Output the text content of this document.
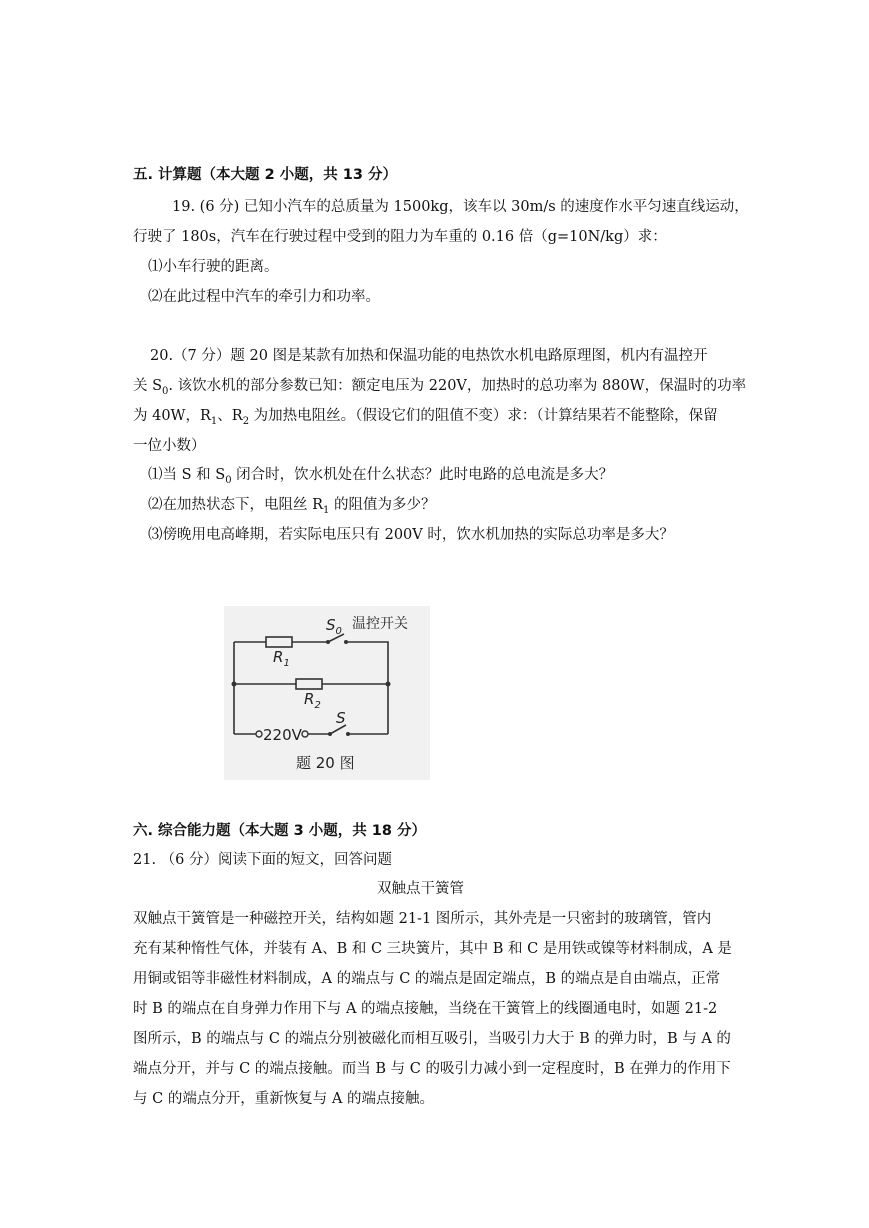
五. 计算题（本大题 2 小题，共 13 分）
19. (6 分) 已知小汽车的总质量为 1500kg，该车以 30m/s 的速度作水平匀速直线运动，
行驶了 180s，汽车在行驶过程中受到的阻力为车重的 0.16 倍（g=10N/kg）求：
⑴小车行驶的距离。
⑵在此过程中汽车的牵引力和功率。
20.（7 分）题 20 图是某款有加热和保温功能的电热饮水机电路原理图，机内有温控开
关 $S_0$. 该饮水机的部分参数已知：额定电压为 220V，加热时的总功率为 880W，保温时的功率
为 40W，$R_1$、$R_2$ 为加热电阻丝。（假设它们的阻值不变）求：（计算结果若不能整除，保留
一位小数）
⑴当 S 和 $S_0$ 闭合时，饮水机处在什么状态？此时电路的总电流是多大？
⑵在加热状态下，电阻丝 $R_1$ 的阻值为多少？
⑶傍晚用电高峰期，若实际电压只有 200V 时，饮水机加热的实际总功率是多大？
$S_0$ 温控开关
$R_1$
$R_2$
S
220V
题 20 图
六. 综合能力题（本大题 3 小题，共 18 分）
21. （6 分）阅读下面的短文，回答问题
双触点干簧管
双触点干簧管是一种磁控开关，结构如题 21-1 图所示，其外壳是一只密封的玻璃管，管内
充有某种惰性气体，并装有 A、B 和 C 三块簧片，其中 B 和 C 是用铁或镍等材料制成，A 是
用铜或铝等非磁性材料制成，A 的端点与 C 的端点是固定端点，B 的端点是自由端点，正常
时 B 的端点在自身弹力作用下与 A 的端点接触，当绕在干簧管上的线圈通电时，如题 21-2
图所示，B 的端点与 C 的端点分别被磁化而相互吸引，当吸引力大于 B 的弹力时，B 与 A 的
端点分开，并与 C 的端点接触。而当 B 与 C 的吸引力减小到一定程度时，B 在弹力的作用下
与 C 的端点分开，重新恢复与 A 的端点接触。
